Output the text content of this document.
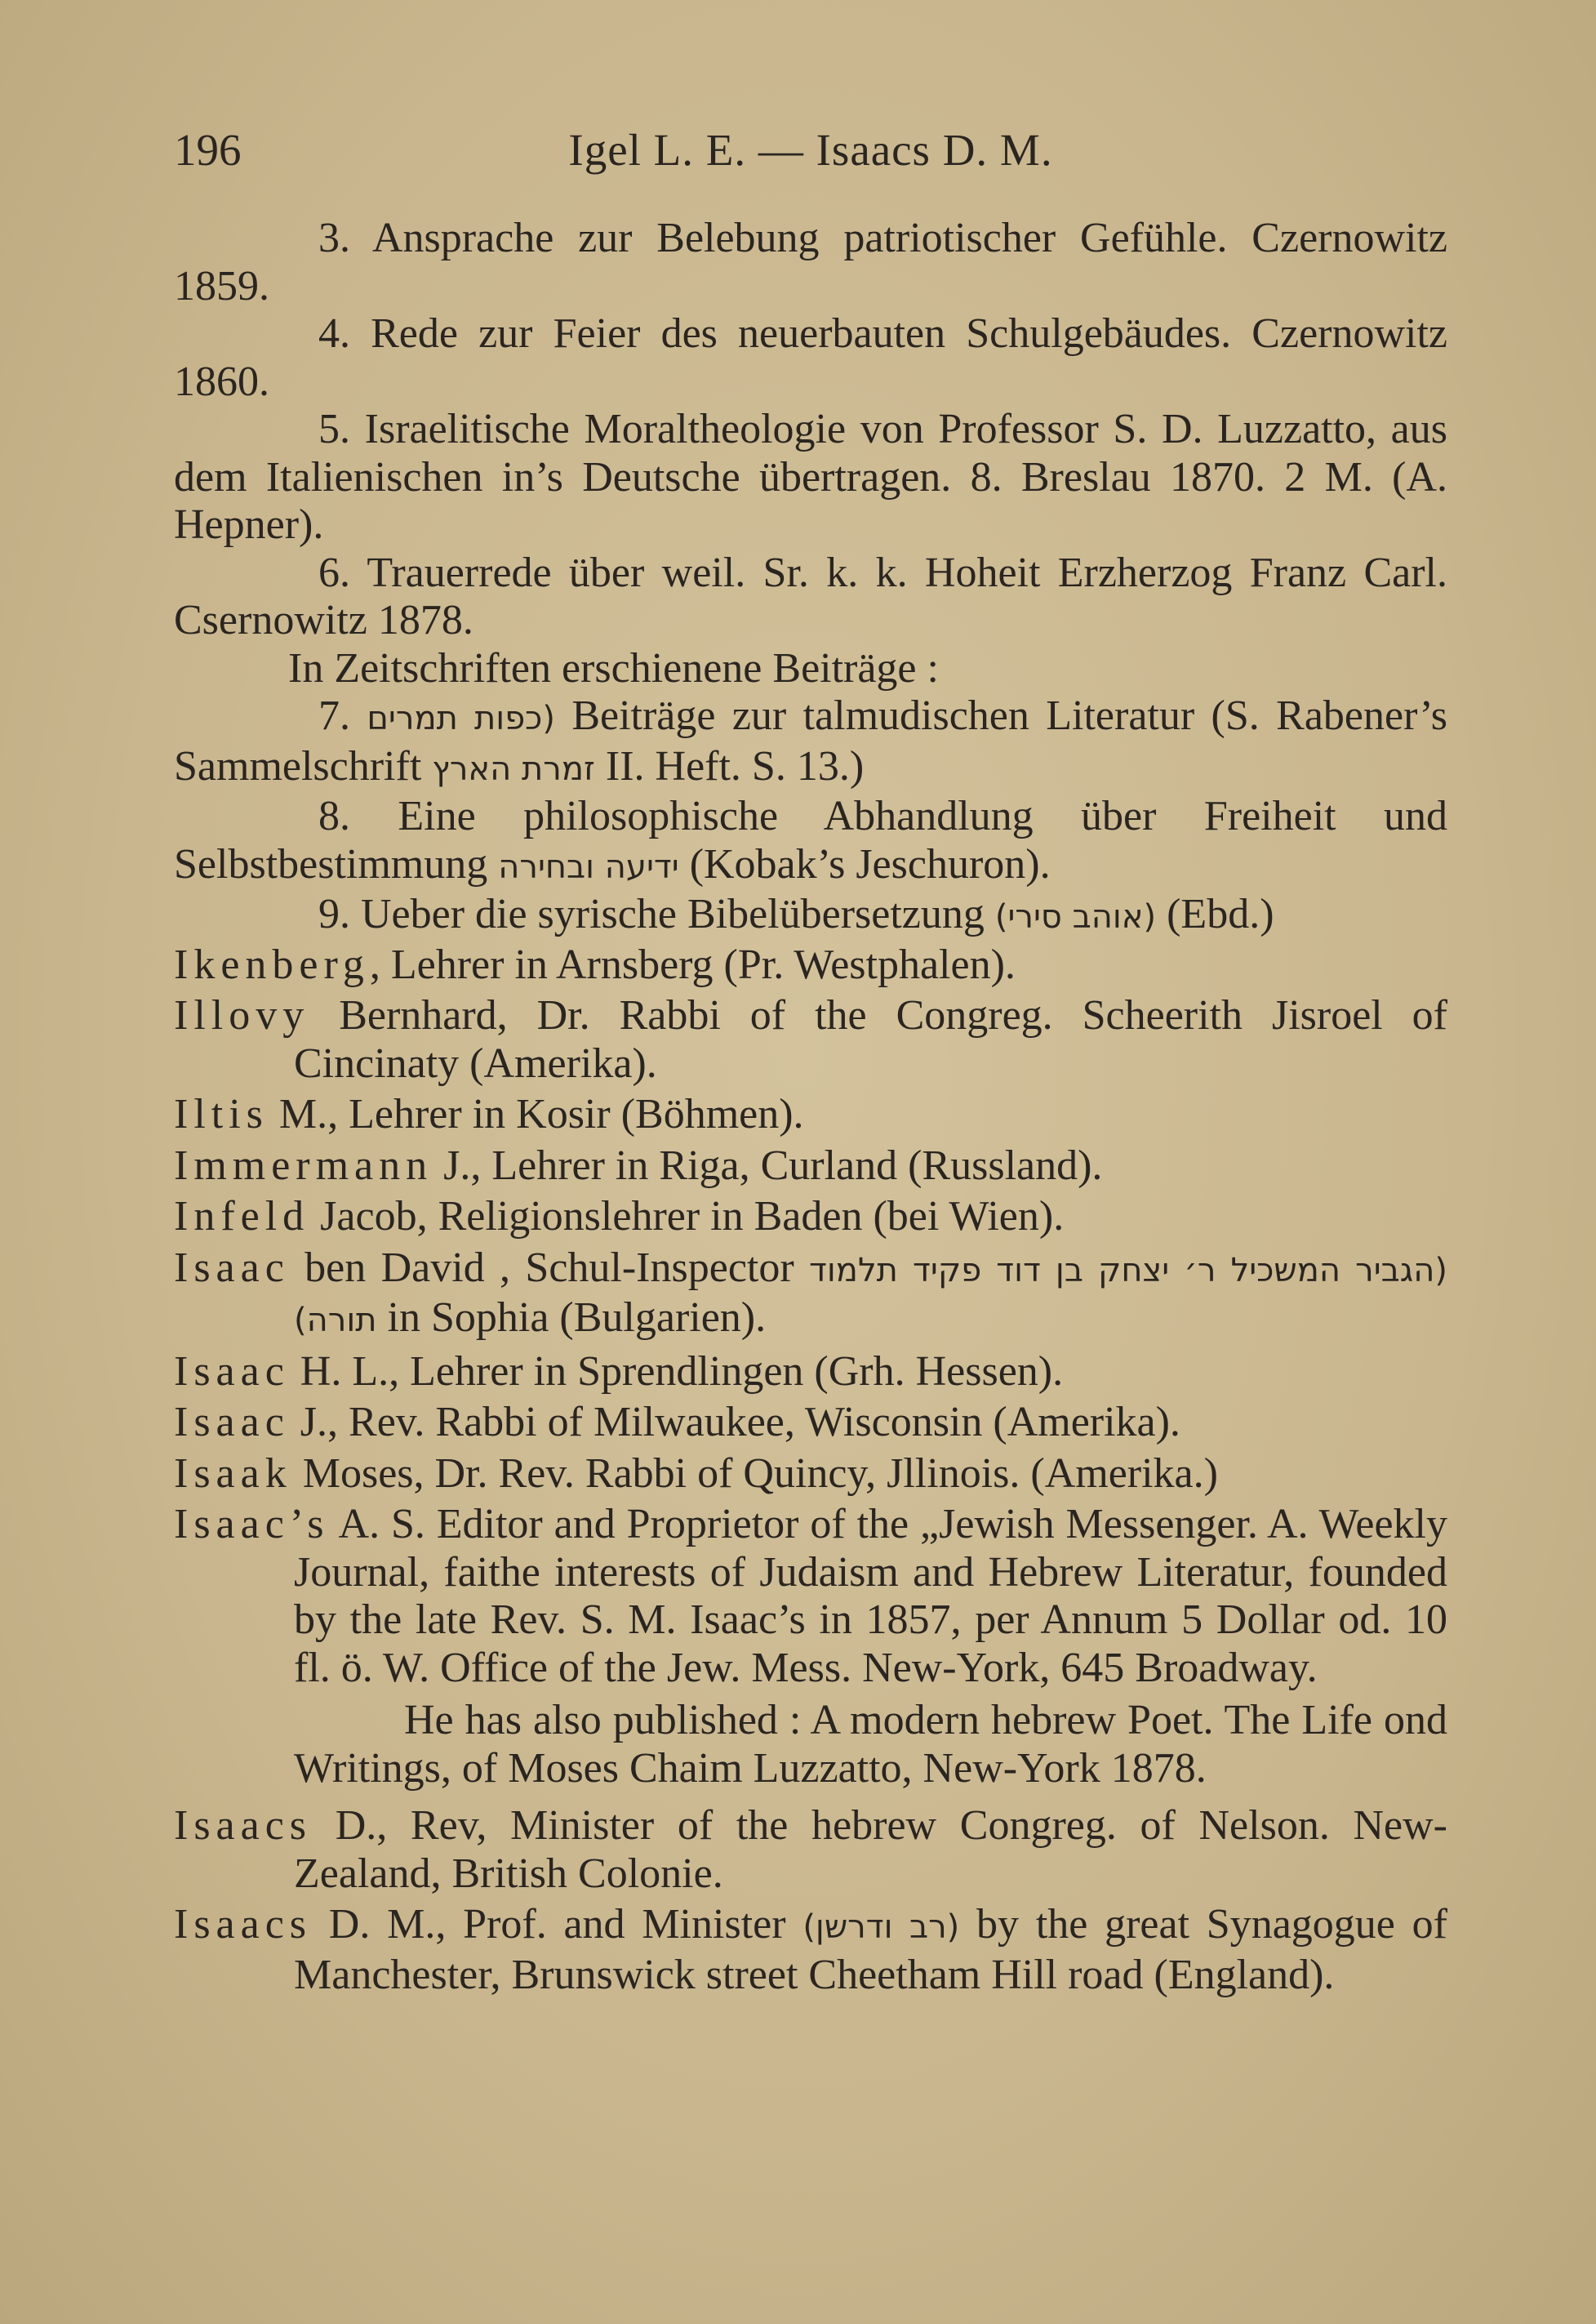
196	Igel L. E. — Isaacs D. M.

3. Ansprache zur Belebung patriotischer Gefühle. Czernowitz 1859.

4. Rede zur Feier des neuerbauten Schulgebäudes. Czernowitz 1860.

5. Israelitische Moraltheologie von Professor S. D. Luzzatto, aus dem Italienischen in’s Deutsche übertragen. 8. Breslau 1870. 2 M. (A. Hepner).

6. Trauerrede über weil. Sr. k. k. Hoheit Erzherzog Franz Carl. Csernowitz 1878.

In Zeitschriften erschienene Beiträge :

7. (כפות תמרים Beiträge zur talmudischen Literatur (S. Rabener’s Sammelschrift זמרת הארץ II. Heft. S. 13.)

8. Eine philosophische Abhandlung über Freiheit und Selbstbestimmung ידיעה ובחירה (Kobak’s Jeschuron).

9. Ueber die syrische Bibelübersetzung (אוהב סירי) (Ebd.)

Ikenberg, Lehrer in Arnsberg (Pr. Westphalen).

Illovy Bernhard, Dr. Rabbi of the Congreg. Scheerith Jisroel of Cincinaty (Amerika).

Iltis M., Lehrer in Kosir (Böhmen).

Immermann J., Lehrer in Riga, Curland (Russland).

Infeld Jacob, Religionslehrer in Baden (bei Wien).

Isaac ben David , Schul-Inspector (הגביר המשכיל ר׳ יצחק בן דוד פקיד תלמוד תורה) in Sophia (Bulgarien).

Isaac H. L., Lehrer in Sprendlingen (Grh. Hessen).

Isaac J., Rev. Rabbi of Milwaukee, Wisconsin (Amerika).

Isaak Moses, Dr. Rev. Rabbi of Quincy, Jllinois. (Amerika.)

Isaac’s A. S. Editor and Proprietor of the „Jewish Messenger. A. Weekly Journal, faithe interests of Judaism and Hebrew Literatur, founded by the late Rev. S. M. Isaac’s in 1857, per Annum 5 Dollar od. 10 fl. ö. W. Office of the Jew. Mess. New-York, 645 Broadway.

He has also published : A modern hebrew Poet. The Life ond Writings, of Moses Chaim Luzzatto, New-York 1878.

Isaacs D., Rev, Minister of the hebrew Congreg. of Nelson. New-Zealand, British Colonie.

Isaacs D. M., Prof. and Minister (רב ודרשן) by the great Synagogue of Manchester, Brunswick street Cheetham Hill road (England).
